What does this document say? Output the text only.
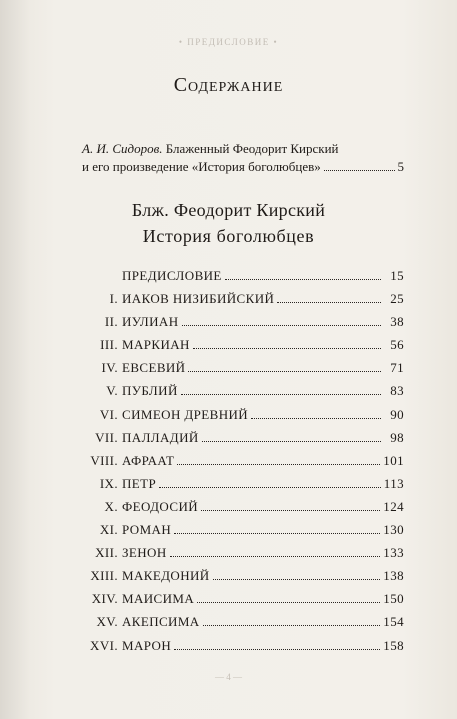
• ПРЕДИСЛОВИЕ •
Содержание
А. И. Сидоров. Блаженный Феодорит Кирский
и его произведение «История боголюбцев»	5
Блж. Феодорит Кирский
История боголюбцев
ПРЕДИСЛОВИЕ	15
I. ИАКОВ НИЗИБИЙСКИЙ	25
II. ИУЛИАН	38
III. МАРКИАН	56
IV. ЕВСЕВИЙ	71
V. ПУБЛИЙ	83
VI. СИМЕОН ДРЕВНИЙ	90
VII. ПАЛЛАДИЙ	98
VIII. АФРААТ	101
IX. ПЕТР	113
X. ФЕОДОСИЙ	124
XI. РОМАН	130
XII. ЗЕНОН	133
XIII. МАКЕДОНИЙ	138
XIV. МАИСИМА	150
XV. АКЕПСИМА	154
XVI. МАРОН	158
— 4 —
